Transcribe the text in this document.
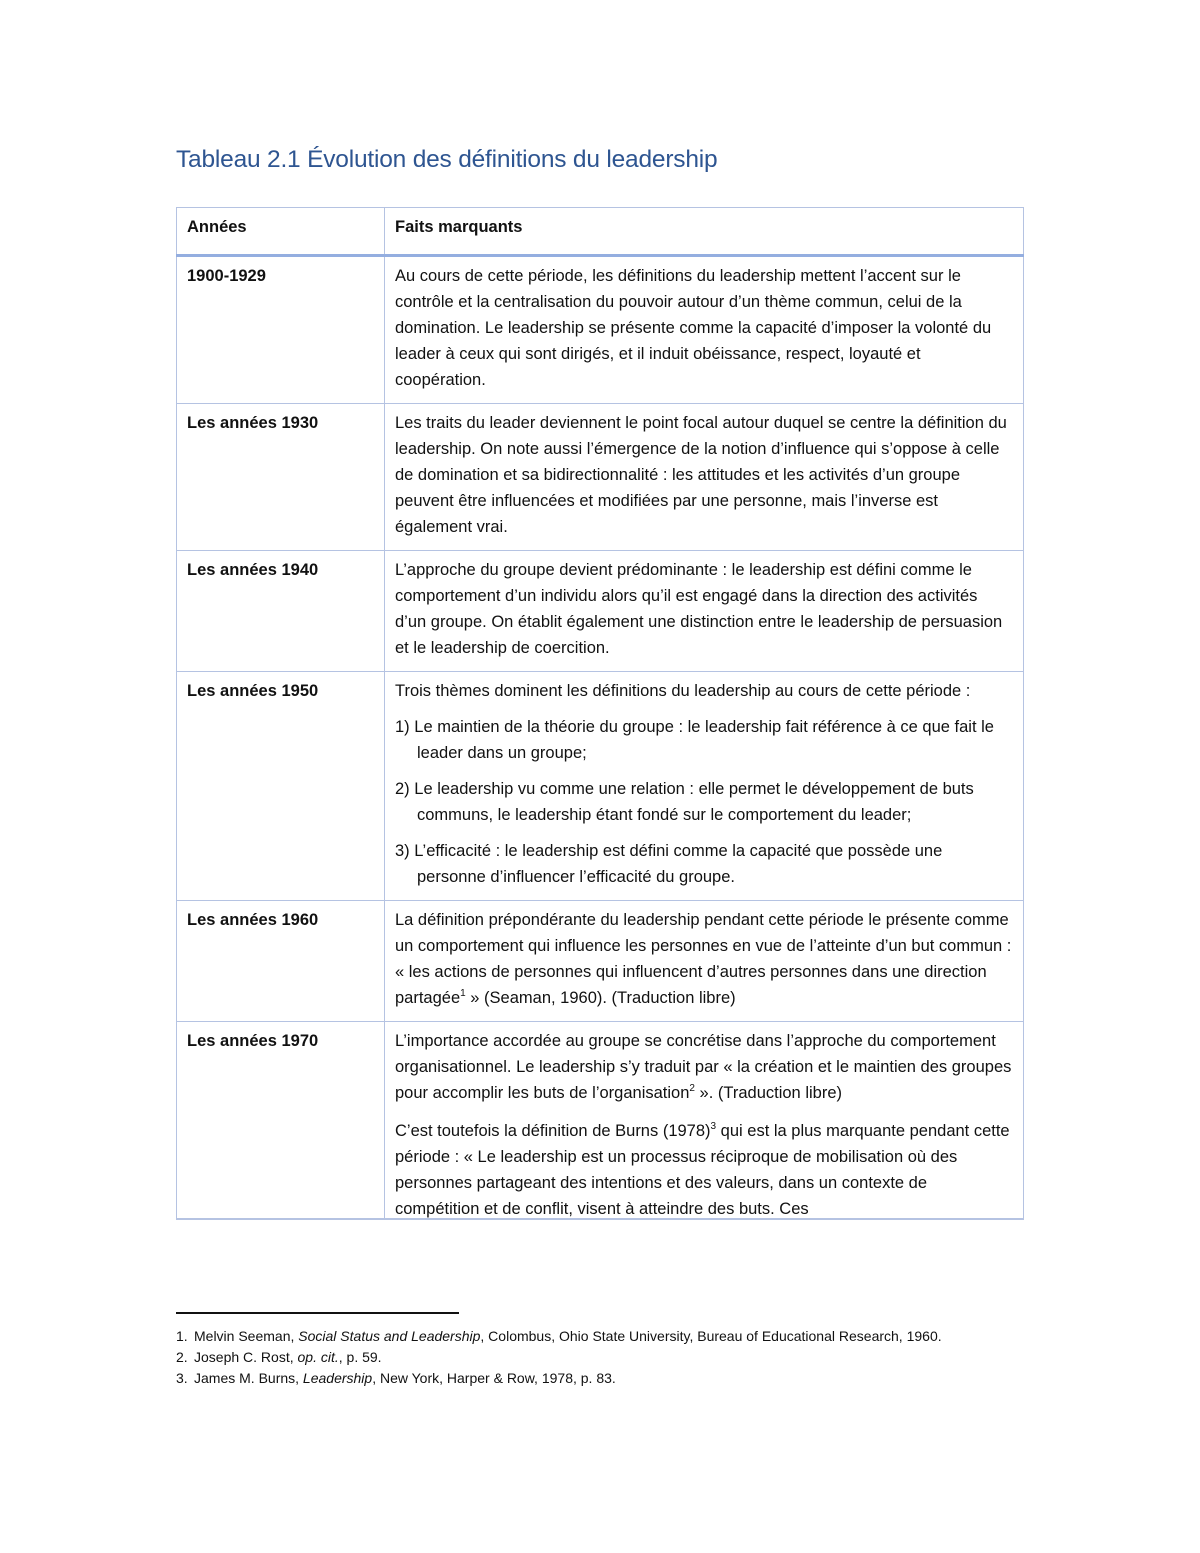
Tableau 2.1 Évolution des définitions du leadership
Années	Faits marquants
1900-1929	Au cours de cette période, les définitions du leadership mettent l’accent sur le contrôle et la centralisation du pouvoir autour d’un thème commun, celui de la domination. Le leadership se présente comme la capacité d’imposer la volonté du leader à ceux qui sont dirigés, et il induit obéissance, respect, loyauté et coopération.

Les années 1930	Les traits du leader deviennent le point focal autour duquel se centre la définition du leadership. On note aussi l’émergence de la notion d’influence qui s’oppose à celle de domination et sa bidirectionnalité : les attitudes et les activités d’un groupe peuvent être influencées et modifiées par une personne, mais l’inverse est également vrai.

Les années 1940	L’approche du groupe devient prédominante : le leadership est défini comme le comportement d’un individu alors qu’il est engagé dans la direction des activités d’un groupe. On établit également une distinction entre le leadership de persuasion et le leadership de coercition.

Les années 1950	Trois thèmes dominent les définitions du leadership au cours de cette période :

1) Le maintien de la théorie du groupe : le leadership fait référence à ce que fait le leader dans un groupe;

2) Le leadership vu comme une relation : elle permet le développement de buts communs, le leadership étant fondé sur le comportement du leader;

3) L’efficacité : le leadership est défini comme la capacité que possède une personne d’influencer l’efficacité du groupe.

Les années 1960	La définition prépondérante du leadership pendant cette période le présente comme un comportement qui influence les personnes en vue de l’atteinte d’un but commun : « les actions de personnes qui influencent d’autres personnes dans une direction partagée$^1$ » (Seaman, 1960). (Traduction libre)

Les années 1970	L’importance accordée au groupe se concrétise dans l’approche du comportement organisationnel. Le leadership s’y traduit par « la création et le maintien des groupes pour accomplir les buts de l’organisation$^2$ ». (Traduction libre)

C’est toutefois la définition de Burns $(1978)^3$ qui est la plus marquante pendant cette période : « Le leadership est un processus réciproque de mobilisation où des personnes partageant des intentions et des valeurs, dans un contexte de compétition et de conflit, visent à atteindre des buts. Ces

1. Melvin Seeman, Social Status and Leadership, Colombus, Ohio State University, Bureau of Educational Research, 1960.

2. Joseph C. Rost, op. cit., p. 59.

3. James M. Burns, Leadership, New York, Harper & Row, 1978, p. 83.
